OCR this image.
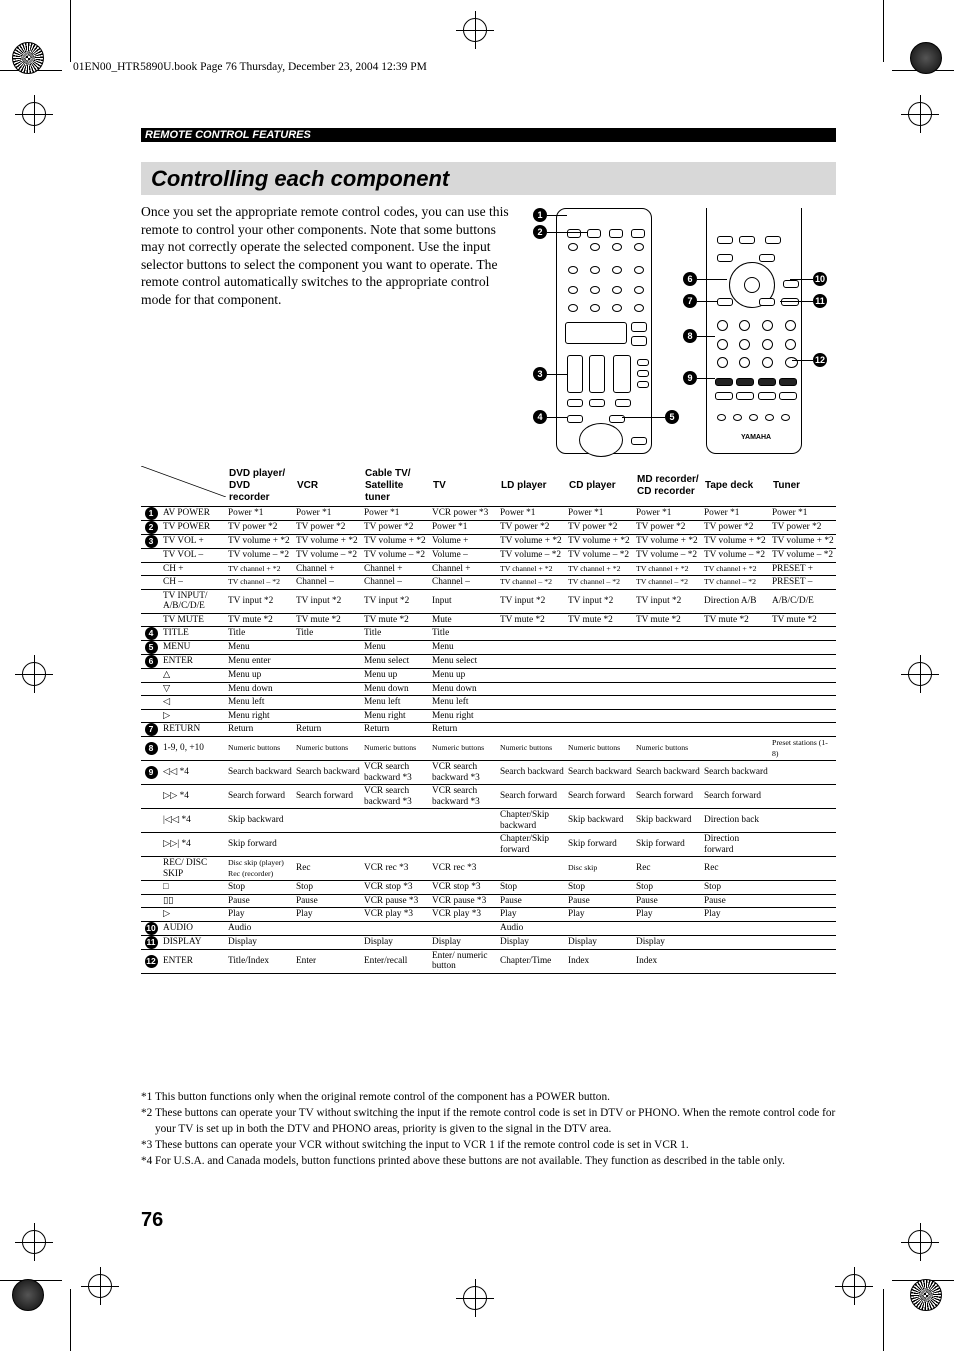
01EN00_HTR5890U.book Page 76 Thursday, December 23, 2004 12:39 PM
REMOTE CONTROL FEATURES
Controlling each component

Once you set the appropriate remote control codes, you can use this remote to control your other components. Note that some buttons may not correctly operate the selected component. Use the input selector buttons to select the component you want to operate. The remote control automatically switches to the appropriate control mode for that component.

YAMAHA
1
2
3
4	5
6
7
8
9
10
11
12
		DVD player/ DVD recorder	VCR	Cable TV/ Satellite tuner	TV	LD player	CD player	MD recorder/ CD recorder	Tape deck	Tuner
1	AV POWER	Power *1	Power *1	Power *1	VCR power *3	Power *1	Power *1	Power *1	Power *1	Power *1
2	TV POWER	TV power *2	TV power *2	TV power *2	Power *1	TV power *2	TV power *2	TV power *2	TV power *2	TV power *2
3	TV VOL +	TV volume + *2	TV volume + *2	TV volume + *2	Volume +	TV volume + *2	TV volume + *2	TV volume + *2	TV volume + *2	TV volume + *2
	TV VOL –	TV volume – *2	TV volume – *2	TV volume – *2	Volume –	TV volume – *2	TV volume – *2	TV volume – *2	TV volume – *2	TV volume – *2
	CH +	TV channel + *2	Channel +	Channel +	Channel +	TV channel + *2	TV channel + *2	TV channel + *2	TV channel + *2	PRESET +
	CH –	TV channel – *2	Channel –	Channel –	Channel –	TV channel – *2	TV channel – *2	TV channel – *2	TV channel – *2	PRESET –
	TV INPUT/ A/B/C/D/E	TV input *2	TV input *2	TV input *2	Input	TV input *2	TV input *2	TV input *2	Direction A/B	A/B/C/D/E
	TV MUTE	TV mute *2	TV mute *2	TV mute *2	Mute	TV mute *2	TV mute *2	TV mute *2	TV mute *2	TV mute *2
4	TITLE	Title	Title	Title	Title					
5	MENU	Menu		Menu	Menu					
6	ENTER	Menu enter		Menu select	Menu select					
	△	Menu up		Menu up	Menu up					
	▽	Menu down		Menu down	Menu down					
	◁	Menu left		Menu left	Menu left					
	▷	Menu right		Menu right	Menu right					
7	RETURN	Return	Return	Return	Return					
8	1-9, 0, +10	Numeric buttons	Numeric buttons	Numeric buttons	Numeric buttons	Numeric buttons	Numeric buttons	Numeric buttons		Preset stations (1-8)
9	◁◁ *4	Search backward	Search backward	VCR search backward *3	VCR search backward *3	Search backward	Search backward	Search backward	Search backward	
	▷▷ *4	Search forward	Search forward	VCR search backward *3	VCR search backward *3	Search forward	Search forward	Search forward	Search forward	
	|◁◁ *4	Skip backward				Chapter/Skip backward	Skip backward	Skip backward	Direction back	
	▷▷| *4	Skip forward				Chapter/Skip forward	Skip forward	Skip forward	Direction forward	
	REC/ DISC SKIP	Disc skip (player) Rec (recorder)	Rec	VCR rec *3	VCR rec *3		Disc skip	Rec	Rec	
	□	Stop	Stop	VCR stop *3	VCR stop *3	Stop	Stop	Stop	Stop	
	▯▯	Pause	Pause	VCR pause *3	VCR pause *3	Pause	Pause	Pause	Pause	
	▷	Play	Play	VCR play *3	VCR play *3	Play	Play	Play	Play	
10	AUDIO	Audio				Audio				
11	DISPLAY	Display		Display	Display	Display	Display	Display		
12	ENTER	Title/Index	Enter	Enter/recall	Enter/ numeric button	Chapter/Time	Index	Index		
*1 This button functions only when the original remote control of the component has a POWER button.
*2 These buttons can operate your TV without switching the input if the remote control code is set in DTV or PHONO. When the remote control code for your TV is set up in both the DTV and PHONO areas, priority is given to the signal in the DTV area.
*3 These buttons can operate your VCR without switching the input to VCR 1 if the remote control code is set in VCR 1.
*4 For U.S.A. and Canada models, button functions printed above these buttons are not available. They function as described in the table only.
76
